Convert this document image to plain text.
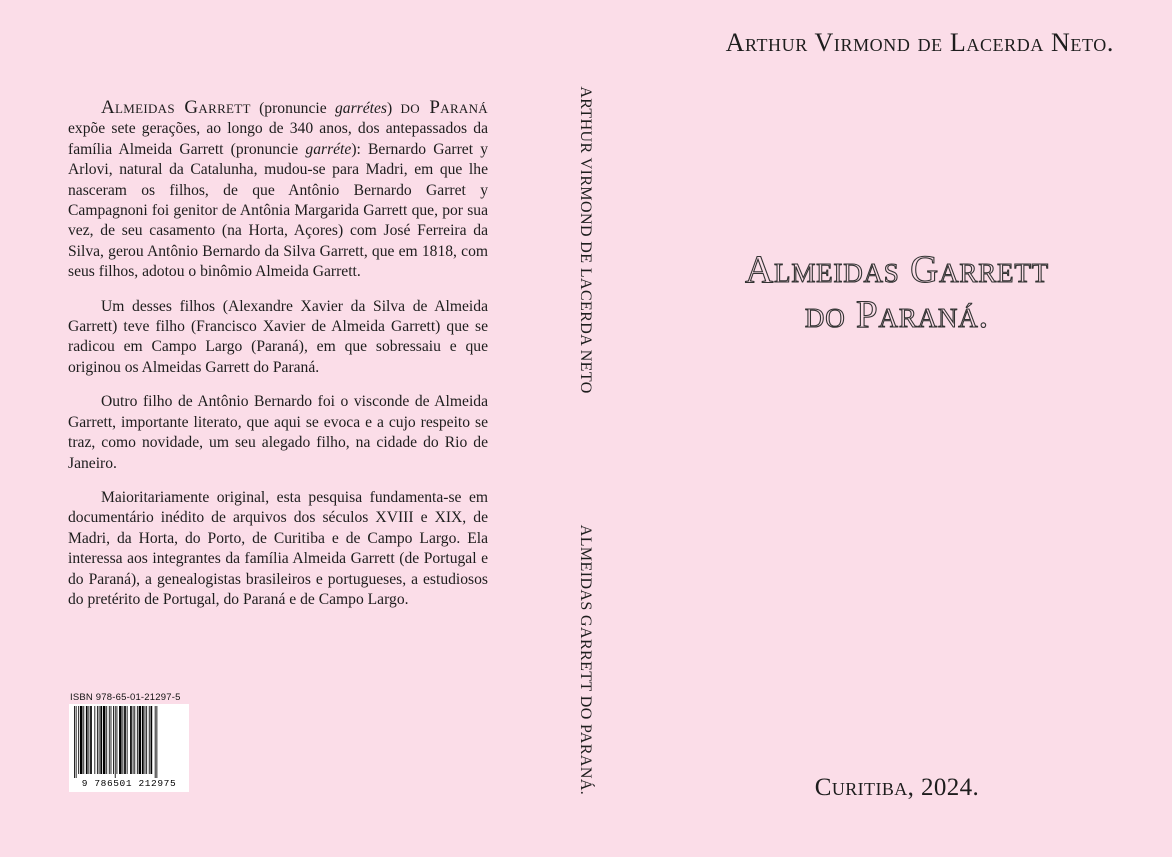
Almeidas Garrett (pronuncie garrétes) do Paraná expõe sete gerações, ao longo de 340 anos, dos antepassados da família Almeida Garrett (pronuncie garréte): Bernardo Garret y Arlovi, natural da Catalunha, mudou-se para Madri, em que lhe nasceram os filhos, de que Antônio Bernardo Garret y Campagnoni foi genitor de Antônia Margarida Garrett que, por sua vez, de seu casamento (na Horta, Açores) com José Ferreira da Silva, gerou Antônio Bernardo da Silva Garrett, que em 1818, com seus filhos, adotou o binômio Almeida Garrett.

Um desses filhos (Alexandre Xavier da Silva de Almeida Garrett) teve filho (Francisco Xavier de Almeida Garrett) que se radicou em Campo Largo (Paraná), em que sobressaiu e que originou os Almeidas Garrett do Paraná.

Outro filho de Antônio Bernardo foi o visconde de Almeida Garrett, importante literato, que aqui se evoca e a cujo respeito se traz, como novidade, um seu alegado filho, na cidade do Rio de Janeiro.

Maioritariamente original, esta pesquisa fundamenta-se em documentário inédito de arquivos dos séculos XVIII e XIX, de Madri, da Horta, do Porto, de Curitiba e de Campo Largo. Ela interessa aos integrantes da família Almeida Garrett (de Portugal e do Paraná), a genealogistas brasileiros e portugueses, a estudiosos do pretérito de Portugal, do Paraná e de Campo Largo.

ISBN 978-65-01-21297-5
9 786501 212975
ARTHUR VIRMOND DE LACERDA NETO
ALMEIDAS GARRETT DO PARANÁ.
Arthur Virmond de Lacerda Neto.
Almeidas Garrett
do Paraná.
Curitiba, 2024.
